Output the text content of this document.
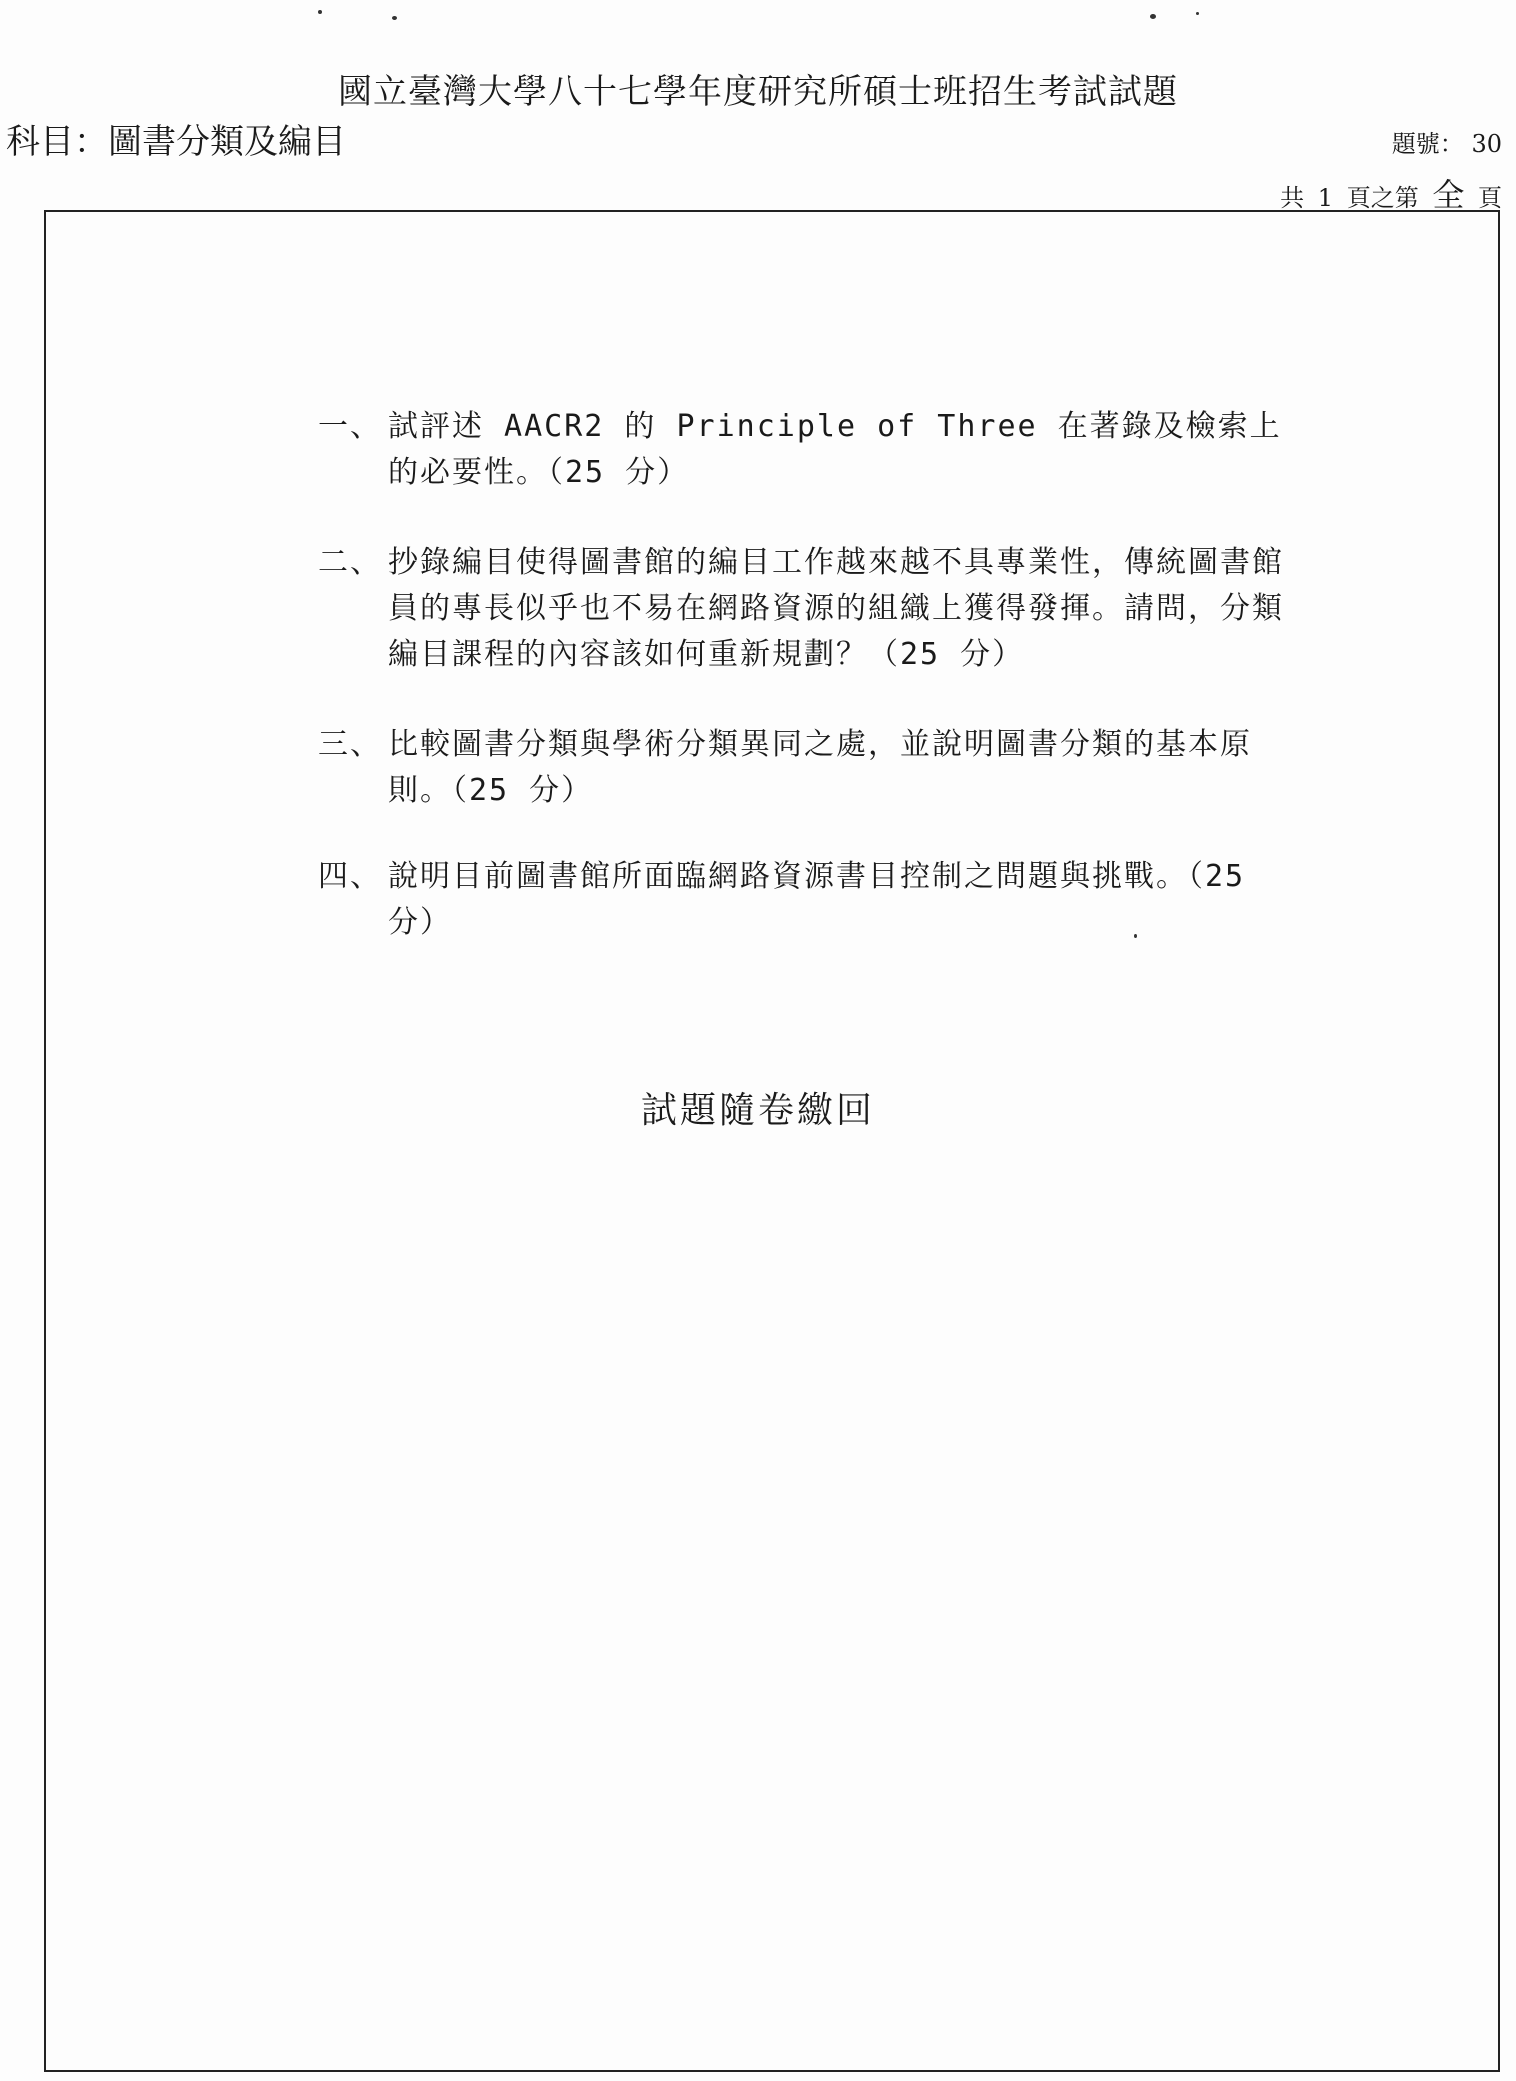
國立臺灣大學八十七學年度研究所碩士班招生考試試題
科目：圖書分類及編目	題號： 30
共 1 頁之第 全 頁
一、 試評述 AACR2 的 Principle of Three 在著錄及檢索上的必要性。（25 分）
二、 抄錄編目使得圖書館的編目工作越來越不具專業性，傳統圖書館員的專長似乎也不易在網路資源的組織上獲得發揮。請問，分類編目課程的內容該如何重新規劃？（25 分）
三、 比較圖書分類與學術分類異同之處，並說明圖書分類的基本原則。（25 分）
四、 說明目前圖書館所面臨網路資源書目控制之問題與挑戰。（25 分）
試題隨卷繳回
